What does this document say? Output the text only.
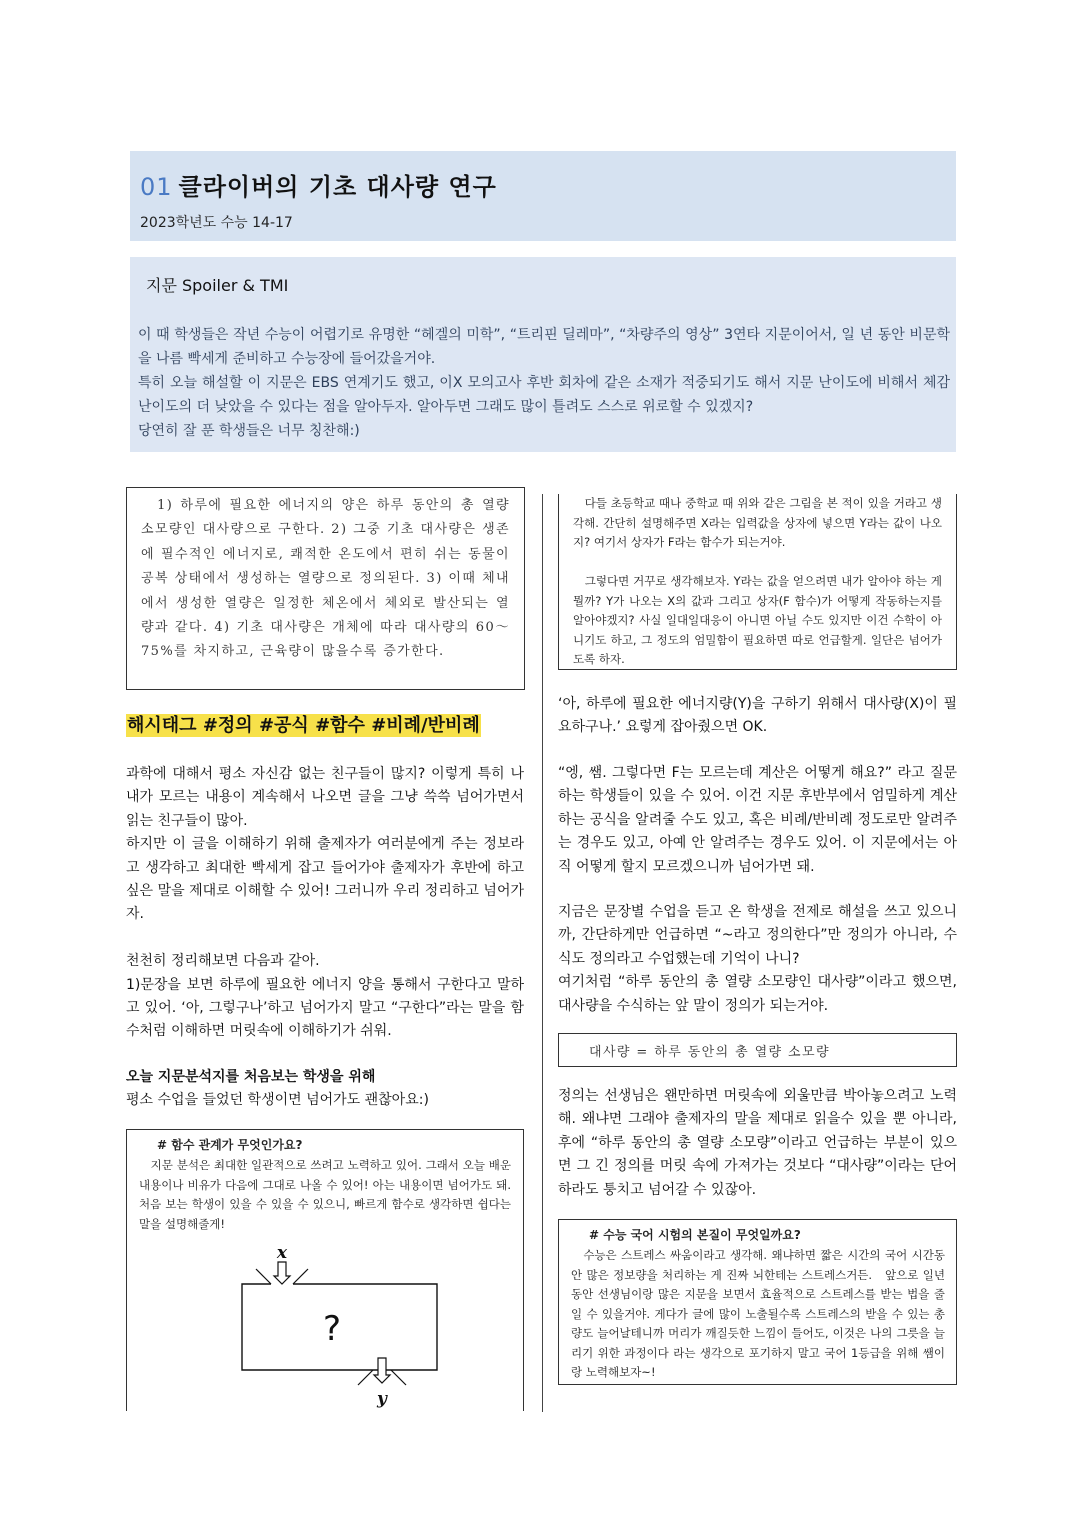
01 클라이버의 기초 대사량 연구
2023학년도 수능 14-17
지문 Spoiler & TMI

이 때 학생들은 작년 수능이 어렵기로 유명한 “헤겔의 미학”, “트리핀 딜레마”, “차량주의 영상” 3연타 지문이어서, 일 년 동안 비문학을 나름 빡세게 준비하고 수능장에 들어갔을거야.

특히 오늘 해설할 이 지문은 EBS 연계기도 했고, 이X 모의고사 후반 회차에 같은 소재가 적중되기도 해서 지문 난이도에 비해서 체감 난이도의 더 낮았을 수 있다는 점을 알아두자. 알아두면 그래도 많이 틀려도 스스로 위로할 수 있겠지?

당연히 잘 푼 학생들은 너무 칭찬해:)

　1) 하루에 필요한 에너지의 양은 하루 동안의 총 열량 소모량인 대사량으로 구한다. 2) 그중 기초 대사량은 생존에 필수적인 에너지로, 쾌적한 온도에서 편히 쉬는 동물이 공복 상태에서 생성하는 열량으로 정의된다. 3) 이때 체내에서 생성한 열량은 일정한 체온에서 체외로 발산되는 열량과 같다. 4) 기초 대사량은 개체에 따라 대사량의 60～75%를 차지하고, 근육량이 많을수록 증가한다.
해시태그 #정의 #공식 #함수 #비례/반비례

과학에 대해서 평소 자신감 없는 친구들이 많지? 이렇게 특히 나 내가 모르는 내용이 계속해서 나오면 글을 그냥 쓱쓱 넘어가면서 읽는 친구들이 많아.

하지만 이 글을 이해하기 위해 출제자가 여러분에게 주는 정보라고 생각하고 최대한 빡세게 잡고 들어가야 출제자가 후반에 하고 싶은 말을 제대로 이해할 수 있어! 그러니까 우리 정리하고 넘어가자.

천천히 정리해보면 다음과 같아.

1)문장을 보면 하루에 필요한 에너지 양을 통해서 구한다고 말하고 있어. ‘아, 그렇구나’하고 넘어가지 말고 “구한다”라는 말을 함수처럼 이해하면 머릿속에 이해하기가 쉬워.

오늘 지문분석지를 처음보는 학생을 위해

평소 수업을 들었던 학생이면 넘어가도 괜찮아요:)

# 함수 관계가 무엇인가요?
　지문 분석은 최대한 일관적으로 쓰려고 노력하고 있어. 그래서 오늘 배운 내용이나 비유가 다음에 그대로 나올 수 있어! 아는 내용이면 넘어가도 돼. 처음 보는 학생이 있을 수 있을 수 있으니, 빠르게 함수로 생각하면 쉽다는 말을 설명해줄게!
x
?
y

　다들 초등학교 때나 중학교 때 위와 같은 그림을 본 적이 있을 거라고 생각해. 간단히 설명해주면 X라는 입력값을 상자에 넣으면 Y라는 값이 나오지? 여기서 상자가 F라는 함수가 되는거야.

　그렇다면 거꾸로 생각해보자. Y라는 값을 얻으려면 내가 알아야 하는 게 뭘까? Y가 나오는 X의 값과 그리고 상자(F 함수)가 어떻게 작동하는지를 알아야겠지? 사실 일대일대응이 아니면 아닐 수도 있지만 이건 수학이 아니기도 하고, 그 정도의 엄밀함이 필요하면 따로 언급할게. 일단은 넘어가도록 하자.

‘아, 하루에 필요한 에너지량(Y)을 구하기 위해서 대사량(X)이 필요하구나.’ 요렇게 잡아줬으면 OK.

“엥, 쌤. 그렇다면 F는 모르는데 계산은 어떻게 해요?” 라고 질문하는 학생들이 있을 수 있어. 이건 지문 후반부에서 엄밀하게 계산하는 공식을 알려줄 수도 있고, 혹은 비례/반비례 정도로만 알려주는 경우도 있고, 아예 안 알려주는 경우도 있어. 이 지문에서는 아직 어떻게 할지 모르겠으니까 넘어가면 돼.

지금은 문장별 수업을 듣고 온 학생을 전제로 해설을 쓰고 있으니까, 간단하게만 언급하면 “~라고 정의한다”만 정의가 아니라, 수식도 정의라고 수업했는데 기억이 나니?

여기처럼 “하루 동안의 총 열량 소모량인 대사량”이라고 했으면, 대사량을 수식하는 앞 말이 정의가 되는거야.

대사량 = 하루 동안의 총 열량 소모량

정의는 선생님은 왠만하면 머릿속에 외울만큼 박아놓으려고 노력해. 왜냐면 그래야 출제자의 말을 제대로 읽을수 있을 뿐 아니라, 후에 “하루 동안의 총 열량 소모량”이라고 언급하는 부분이 있으면 그 긴 정의를 머릿 속에 가져가는 것보다 “대사량”이라는 단어 하라도 퉁치고 넘어갈 수 있잖아.

# 수능 국어 시험의 본질이 무엇일까요?
　수능은 스트레스 싸움이라고 생각해. 왜냐하면 짧은 시간의 국어 시간동안 많은 정보량을 처리하는 게 진짜 뇌한테는 스트레스거든.　앞으로 일년 동안 선생님이랑 많은 지문을 보면서 효율적으로 스트레스를 받는 법을 줄일 수 있을거야. 게다가 글에 많이 노출될수록 스트레스의 받을 수 있는 총량도 늘어날테니까 머리가 깨질듯한 느낌이 들어도, 이것은 나의 그릇을 늘리기 위한 과정이다 라는 생각으로 포기하지 말고 국어 1등급을 위해 쌤이랑 노력해보자~!
